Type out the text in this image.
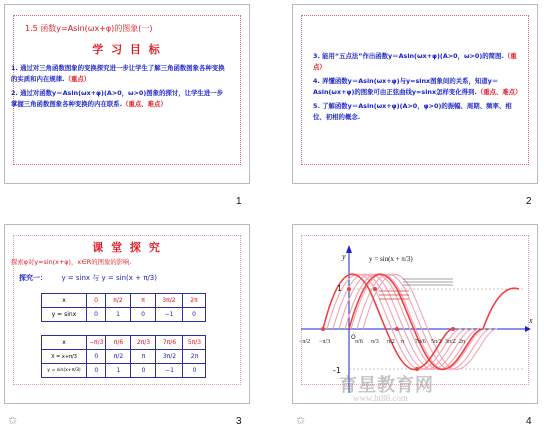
1.5 函数y=Asin(ωx+φ)的图象(一)
学 习 目 标
1. 通过对三角函数图象的变换探究进一步让学生了解三角函数图象各种变换的实质和内在规律.（重点）
2. 通过对函数y＝Asin(ωx+φ)(A>0，ω>0)图象的探讨，让学生进一步掌握三角函数图象各种变换的内在联系.（重点、难点）
1
3. 能用“五点法”作出函数y＝Asin(ωx+φ)(A>0，ω>0)的简图.（重点）
4. 弄懂函数y＝Asin(ωx+φ)与y=sinx图象间的关系，知道y＝Asin(ωx+φ)的图象可由正弦曲线y=sinx怎样变化得到.（重点、难点）
5. 了解函数y＝Asin(ωx+φ)(A>0，φ>0)的振幅、周期、频率、相位、初相的概念.
2
课 堂 探 究
探索φ对y=sin(x+φ)，x∈R的图象的影响.
探究一： y = sinx 与 y = sin(x + π/3)
x	0	π/2	π	3π/2	2π
y = sinx	0	1	0	−1	0
x	−π/3	π/6	2π/3	7π/6	5π/3
X = x+π/3	0	π/2	π	3π/2	2π
y = sin(x+π/3)	0	1	0	−1	0
✩	3
y = sin(x + π/3)
y
x
1
-1
O
−π/2 −π/3	π/6 π/3 π/2 π 7π/6 5π/3 3π/2 2π
育星教育网
www.ht88.com
✩	4
